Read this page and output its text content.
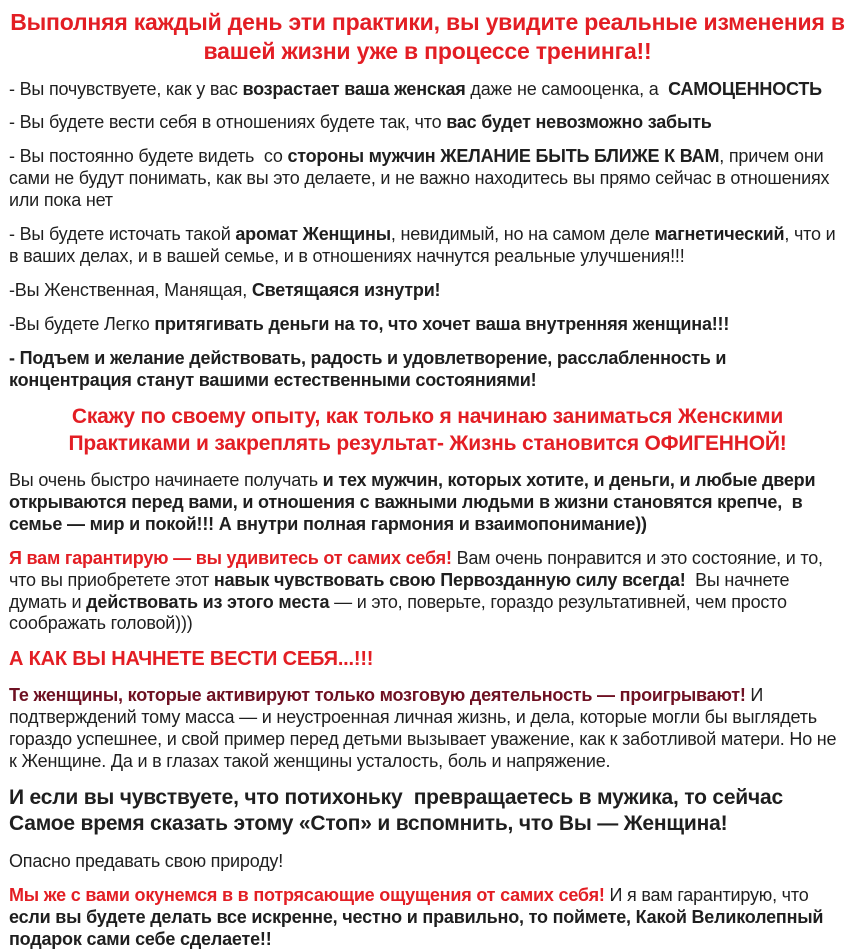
Выполняя каждый день эти практики, вы увидите реальные изменения в
вашей жизни уже в процессе тренинга!!

- Вы почувствуете, как у вас возрастает ваша женская даже не самооценка, а  САМОЦЕННОСТЬ

- Вы будете вести себя в отношениях будете так, что вас будет невозможно забыть

- Вы постоянно будете видеть  со стороны мужчин ЖЕЛАНИЕ БЫТЬ БЛИЖЕ К ВАМ, причем они сами не будут понимать, как вы это делаете, и не важно находитесь вы прямо сейчас в отношениях или пока нет

- Вы будете источать такой аромат Женщины, невидимый, но на самом деле магнетический, что и в ваших делах, и в вашей семье, и в отношениях начнутся реальные улучшения!!!

-Вы Женственная, Манящая, Светящаяся изнутри!

-Вы будете Легко притягивать деньги на то, что хочет ваша внутренняя женщина!!!

- Подъем и желание действовать, радость и удовлетворение, расслабленность и концентрация станут вашими естественными состояниями!

Скажу по своему опыту, как только я начинаю заниматься Женскими
Практиками и закреплять результат- Жизнь становится ОФИГЕННОЙ!

Вы очень быстро начинаете получать и тех мужчин, которых хотите, и деньги, и любые двери открываются перед вами, и отношения с важными людьми в жизни становятся крепче,  в семье — мир и покой!!! А внутри полная гармония и взаимопонимание))

Я вам гарантирую — вы удивитесь от самих себя! Вам очень понравится и это состояние, и то, что вы приобретете этот навык чувствовать свою Первозданную силу всегда!  Вы начнете думать и действовать из этого места — и это, поверьте, гораздо результативней, чем просто соображать головой)))

А КАК ВЫ НАЧНЕТЕ ВЕСТИ СЕБЯ...!!!

Те женщины, которые активируют только мозговую деятельность — проигрывают! И подтверждений тому масса — и неустроенная личная жизнь, и дела, которые могли бы выглядеть гораздо успешнее, и свой пример перед детьми вызывает уважение, как к заботливой матери. Но не к Женщине. Да и в глазах такой женщины усталость, боль и напряжение.

И если вы чувствуете, что потихоньку  превращаетесь в мужика, то сейчас
Самое время сказать этому «Стоп» и вспомнить, что Вы — Женщина!

Опасно предавать свою природу!

Мы же с вами окунемся в в потрясающие ощущения от самих себя! И я вам гарантирую, что если вы будете делать все искренне, честно и правильно, то поймете, Какой Великолепный подарок сами себе сделаете!!
